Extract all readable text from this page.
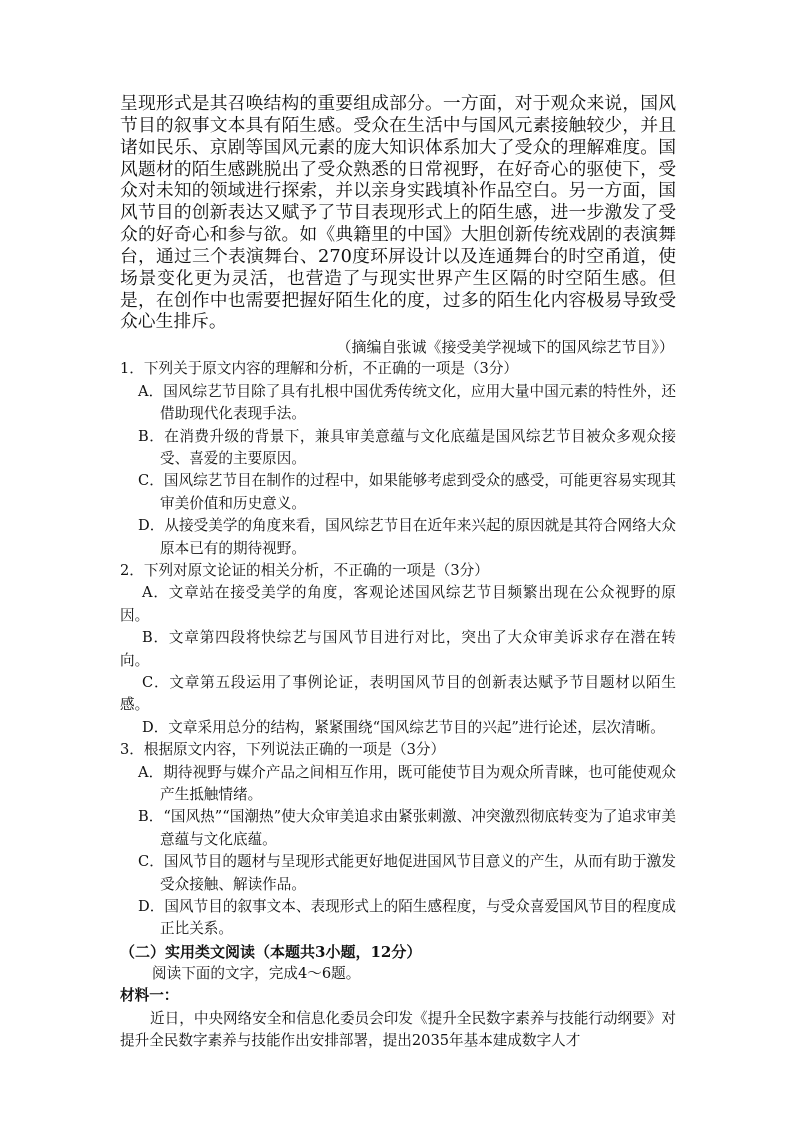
呈现形式是其召唤结构的重要组成部分。一方面，对于观众来说，国风节目的叙事文本具有陌生感。受众在生活中与国风元素接触较少，并且诸如民乐、京剧等国风元素的庞大知识体系加大了受众的理解难度。国风题材的陌生感跳脱出了受众熟悉的日常视野，在好奇心的驱使下，受众对未知的领域进行探索，并以亲身实践填补作品空白。另一方面，国风节目的创新表达又赋予了节目表现形式上的陌生感，进一步激发了受众的好奇心和参与欲。如《典籍里的中国》大胆创新传统戏剧的表演舞台，通过三个表演舞台、270度环屏设计以及连通舞台的时空甬道，使场景变化更为灵活，也营造了与现实世界产生区隔的时空陌生感。但是，在创作中也需要把握好陌生化的度，过多的陌生化内容极易导致受众心生排斥。

（摘编自张诚《接受美学视域下的国风综艺节目》）

1．下列关于原文内容的理解和分析，不正确的一项是（3分）

A．国风综艺节目除了具有扎根中国优秀传统文化，应用大量中国元素的特性外，还借助现代化表现手法。

B．在消费升级的背景下，兼具审美意蕴与文化底蕴是国风综艺节目被众多观众接受、喜爱的主要原因。

C．国风综艺节目在制作的过程中，如果能够考虑到受众的感受，可能更容易实现其审美价值和历史意义。

D．从接受美学的角度来看，国风综艺节目在近年来兴起的原因就是其符合网络大众原本已有的期待视野。

2．下列对原文论证的相关分析，不正确的一项是（3分）

A．文章站在接受美学的角度，客观论述国风综艺节目频繁出现在公众视野的原因。

B．文章第四段将快综艺与国风节目进行对比，突出了大众审美诉求存在潜在转向。

C．文章第五段运用了事例论证，表明国风节目的创新表达赋予节目题材以陌生感。

D．文章采用总分的结构，紧紧围绕“国风综艺节目的兴起”进行论述，层次清晰。

3．根据原文内容，下列说法正确的一项是（3分）

A．期待视野与媒介产品之间相互作用，既可能使节目为观众所青睐，也可能使观众产生抵触情绪。

B．“国风热”“国潮热”使大众审美追求由紧张刺激、冲突激烈彻底转变为了追求审美意蕴与文化底蕴。

C．国风节目的题材与呈现形式能更好地促进国风节目意义的产生，从而有助于激发受众接触、解读作品。

D．国风节目的叙事文本、表现形式上的陌生感程度，与受众喜爱国风节目的程度成正比关系。

（二）实用类文阅读（本题共3小题，12分）

阅读下面的文字，完成4～6题。

材料一：

近日，中央网络安全和信息化委员会印发《提升全民数字素养与技能行动纲要》对提升全民数字素养与技能作出安排部署，提出2035年基本建成数字人才
